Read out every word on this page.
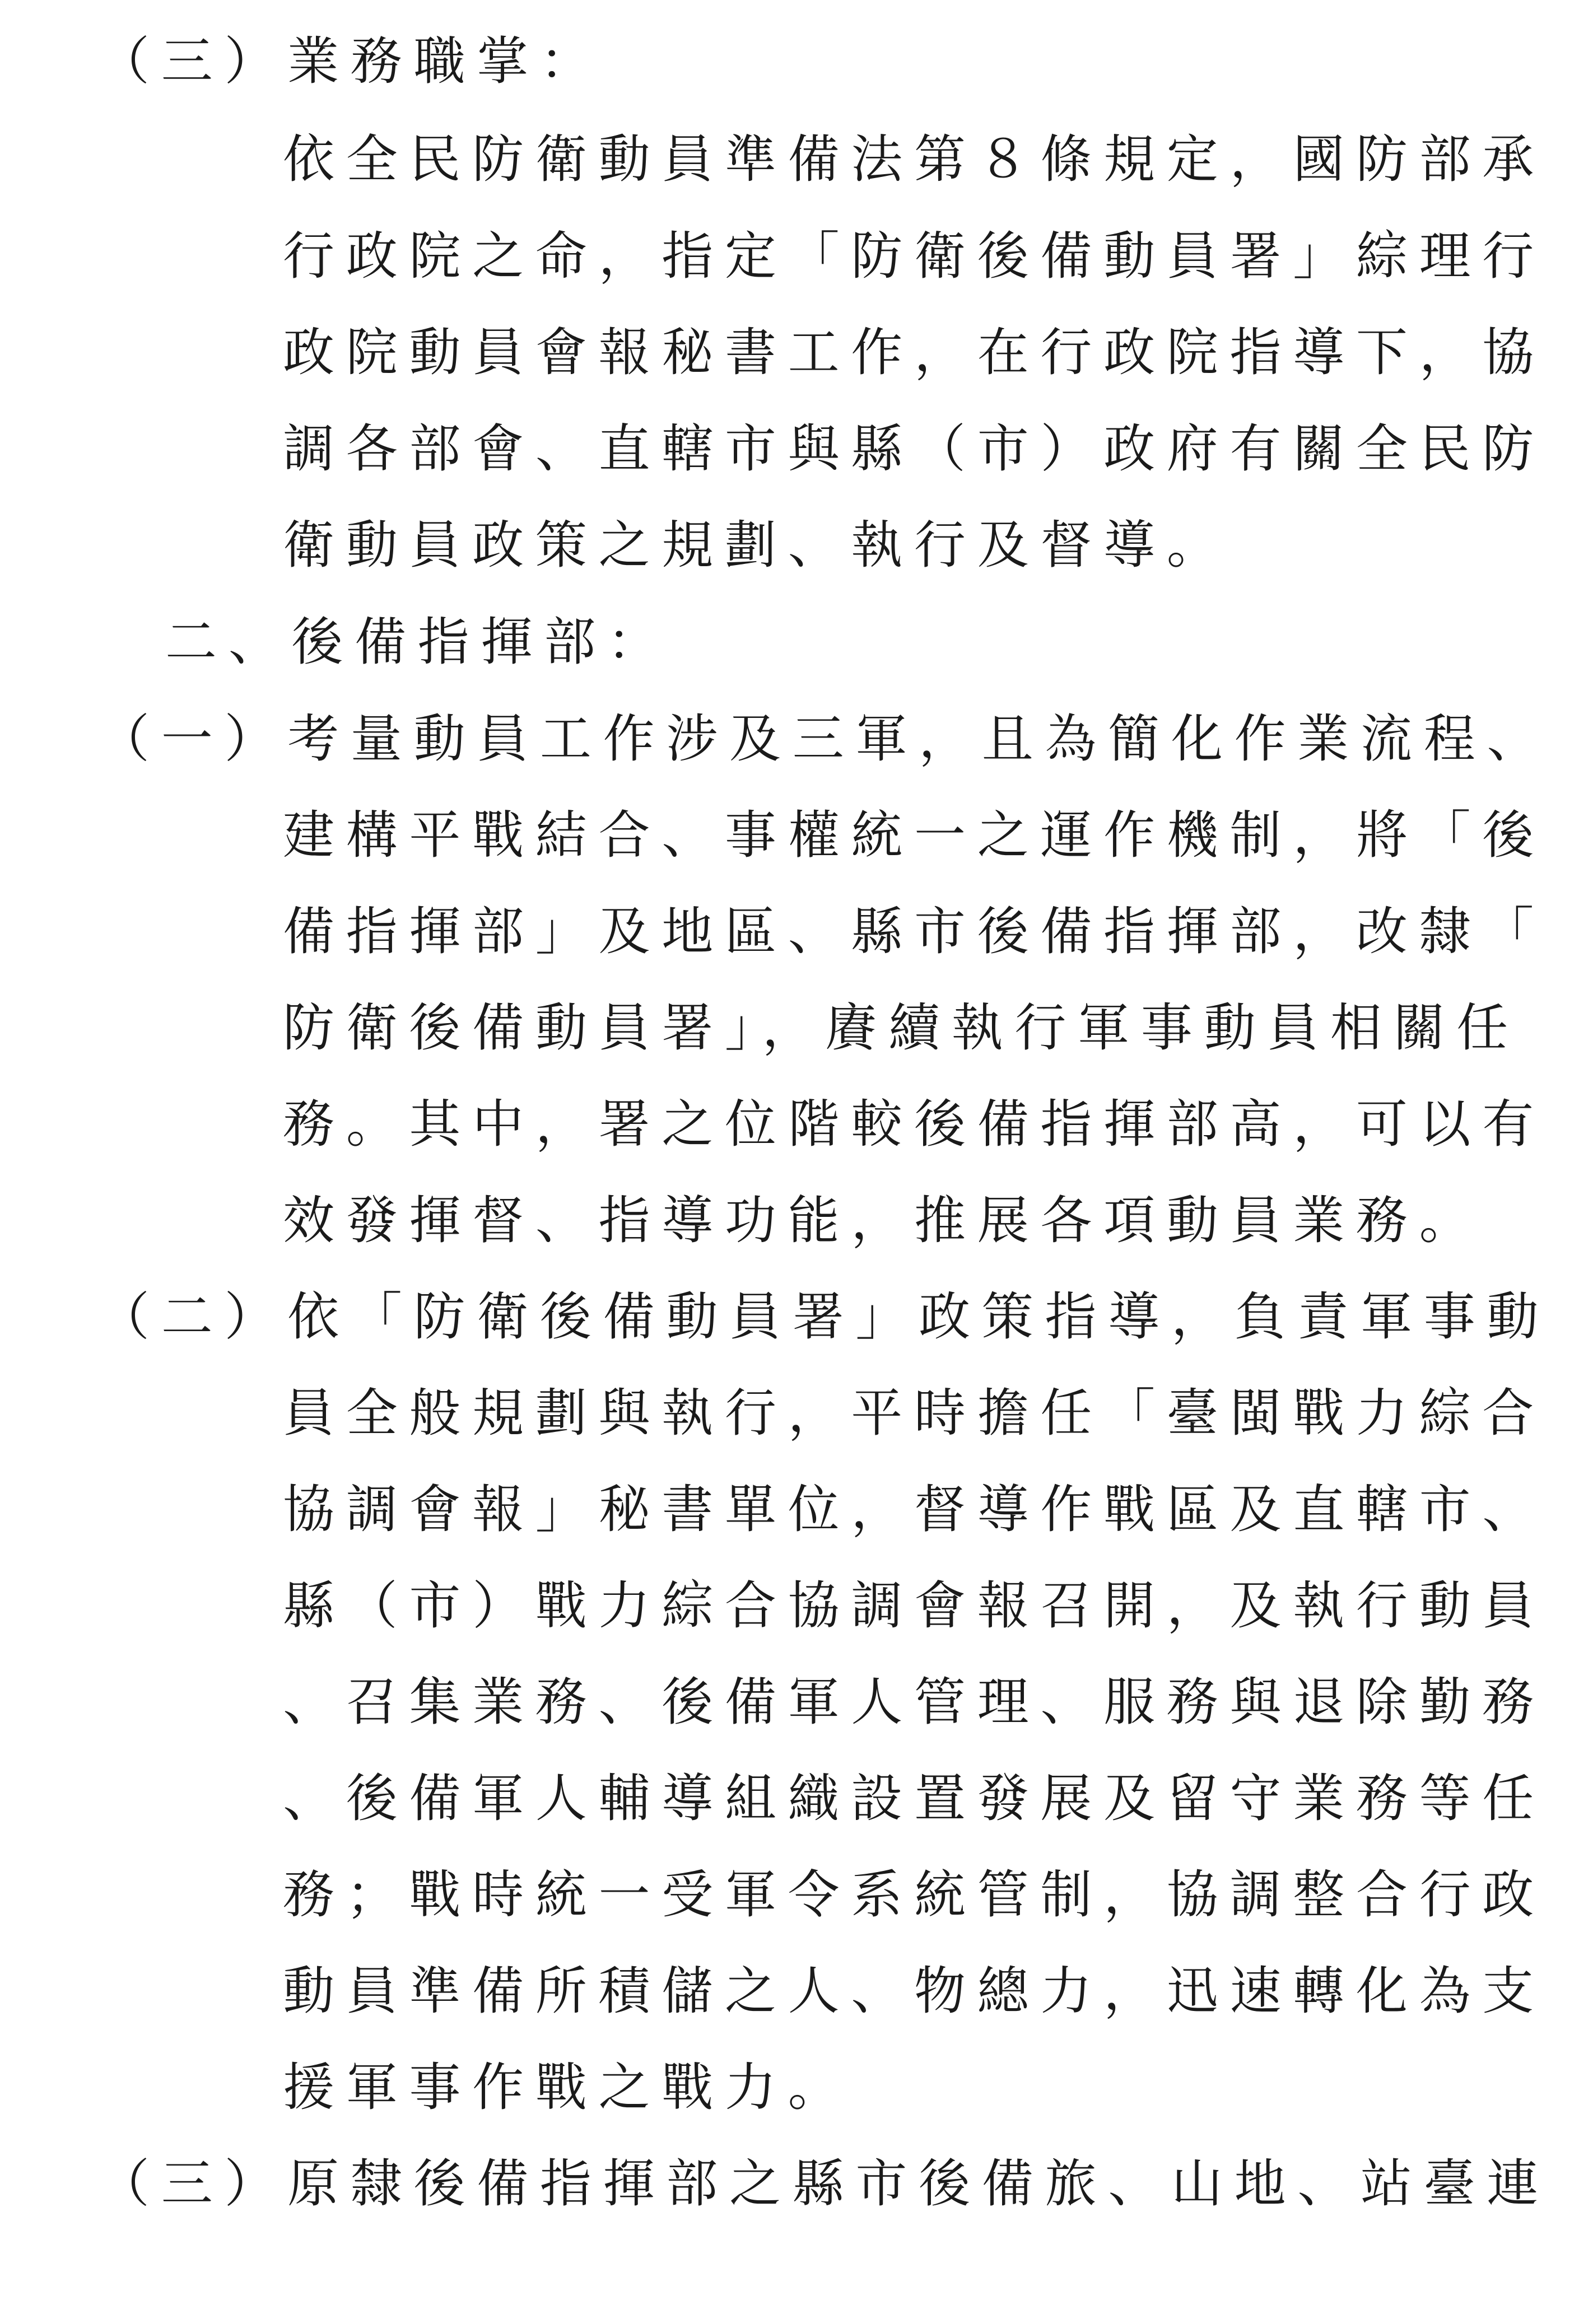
（三）業務職掌：
依全民防衛動員準備法第８條規定，國防部承
行政院之命，指定「防衛後備動員署」綜理行
政院動員會報秘書工作，在行政院指導下，協
調各部會、直轄市與縣（市）政府有關全民防
衛動員政策之規劃、執行及督導。
二、後備指揮部：
（一）考量動員工作涉及三軍，且為簡化作業流程、
建構平戰結合、事權統一之運作機制，將「後
備指揮部」及地區、縣市後備指揮部，改隸「
防衛後備動員署」，賡續執行軍事動員相關任
務。其中，署之位階較後備指揮部高，可以有
效發揮督、指導功能，推展各項動員業務。
（二）依「防衛後備動員署」政策指導，負責軍事動
員全般規劃與執行，平時擔任「臺閩戰力綜合
協調會報」秘書單位，督導作戰區及直轄市、
縣（市）戰力綜合協調會報召開，及執行動員
、召集業務、後備軍人管理、服務與退除勤務
、後備軍人輔導組織設置發展及留守業務等任
務；戰時統一受軍令系統管制，協調整合行政
動員準備所積儲之人、物總力，迅速轉化為支
援軍事作戰之戰力。
（三）原隸後備指揮部之縣市後備旅、山地、站臺連
